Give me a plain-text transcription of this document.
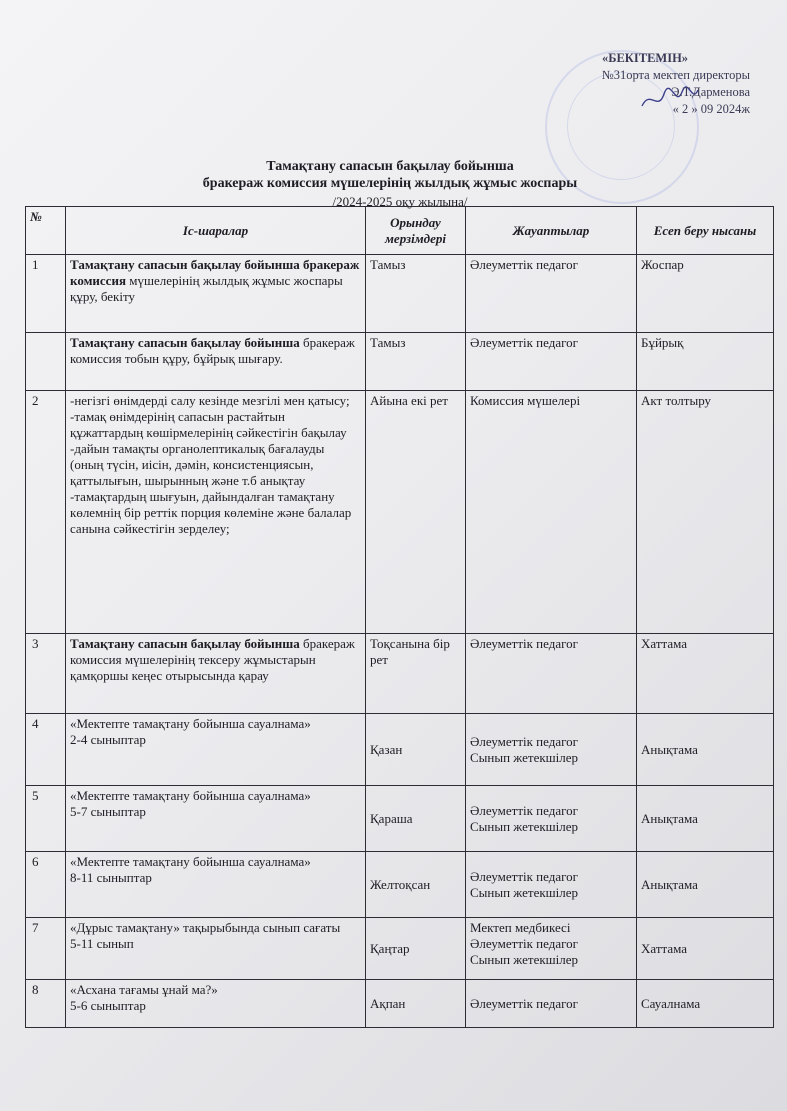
«БЕКІТЕМІН»
№31орта мектеп директоры
Э.Т.Дарменова
« 2 » 09 2024ж
Тамақтану сапасын бақылау бойынша
бракераж комиссия мүшелерінің жылдық жұмыс жоспары
/2024-2025 оқу жылына/
№	Іс-шаралар	Орындау мерзімдері	Жауаптылар	Есеп беру нысаны
1	Тамақтану сапасын бақылау бойынша бракераж комиссия мүшелерінің жылдық жұмыс жоспары құру, бекіту	Тамыз	Әлеуметтік педагог	Жоспар
	Тамақтану сапасын бақылау бойынша бракераж комиссия тобын құру, бұйрық шығару.	Тамыз	Әлеуметтік педагог	Бұйрық
2	-негізгі өнімдерді салу кезінде мезгілі мен қатысу;
-тамақ өнімдерінің сапасын растайтын құжаттардың көшірмелерінің сәйкестігін бақылау
-дайын тамақты органолептикалық бағалауды (оның түсін, иісін, дәмін, консистенциясын, қаттылығын, шырынның және т.б анықтау
-тамақтардың шығуын, дайындалған тамақтану көлемнің бір реттік порция көлеміне және балалар санына сәйкестігін зерделеу;	Айына екі рет	Комиссия мүшелері	Акт толтыру
3	Тамақтану сапасын бақылау бойынша бракераж комиссия мүшелерінің тексеру жұмыстарын қамқоршы кеңес отырысында қарау	Тоқсанына бір рет	Әлеуметтік педагог	Хаттама
4	«Мектепте тамақтану бойынша сауалнама»
2-4 сыныптар	Қазан	Әлеуметтік педагог
Сынып жетекшілер	Анықтама
5	«Мектепте тамақтану бойынша сауалнама»
5-7 сыныптар	Қараша	Әлеуметтік педагог
Сынып жетекшілер	Анықтама
6	«Мектепте тамақтану бойынша сауалнама»
8-11 сыныптар	Желтоқсан	Әлеуметтік педагог
Сынып жетекшілер	Анықтама
7	«Дұрыс тамақтану» тақырыбында сынып сағаты
5-11 сынып	Қаңтар	Мектеп медбикесі
Әлеуметтік педагог
Сынып жетекшілер	Хаттама
8	«Асхана тағамы ұнай ма?»
5-6 сыныптар	Ақпан	Әлеуметтік педагог	Сауалнама
